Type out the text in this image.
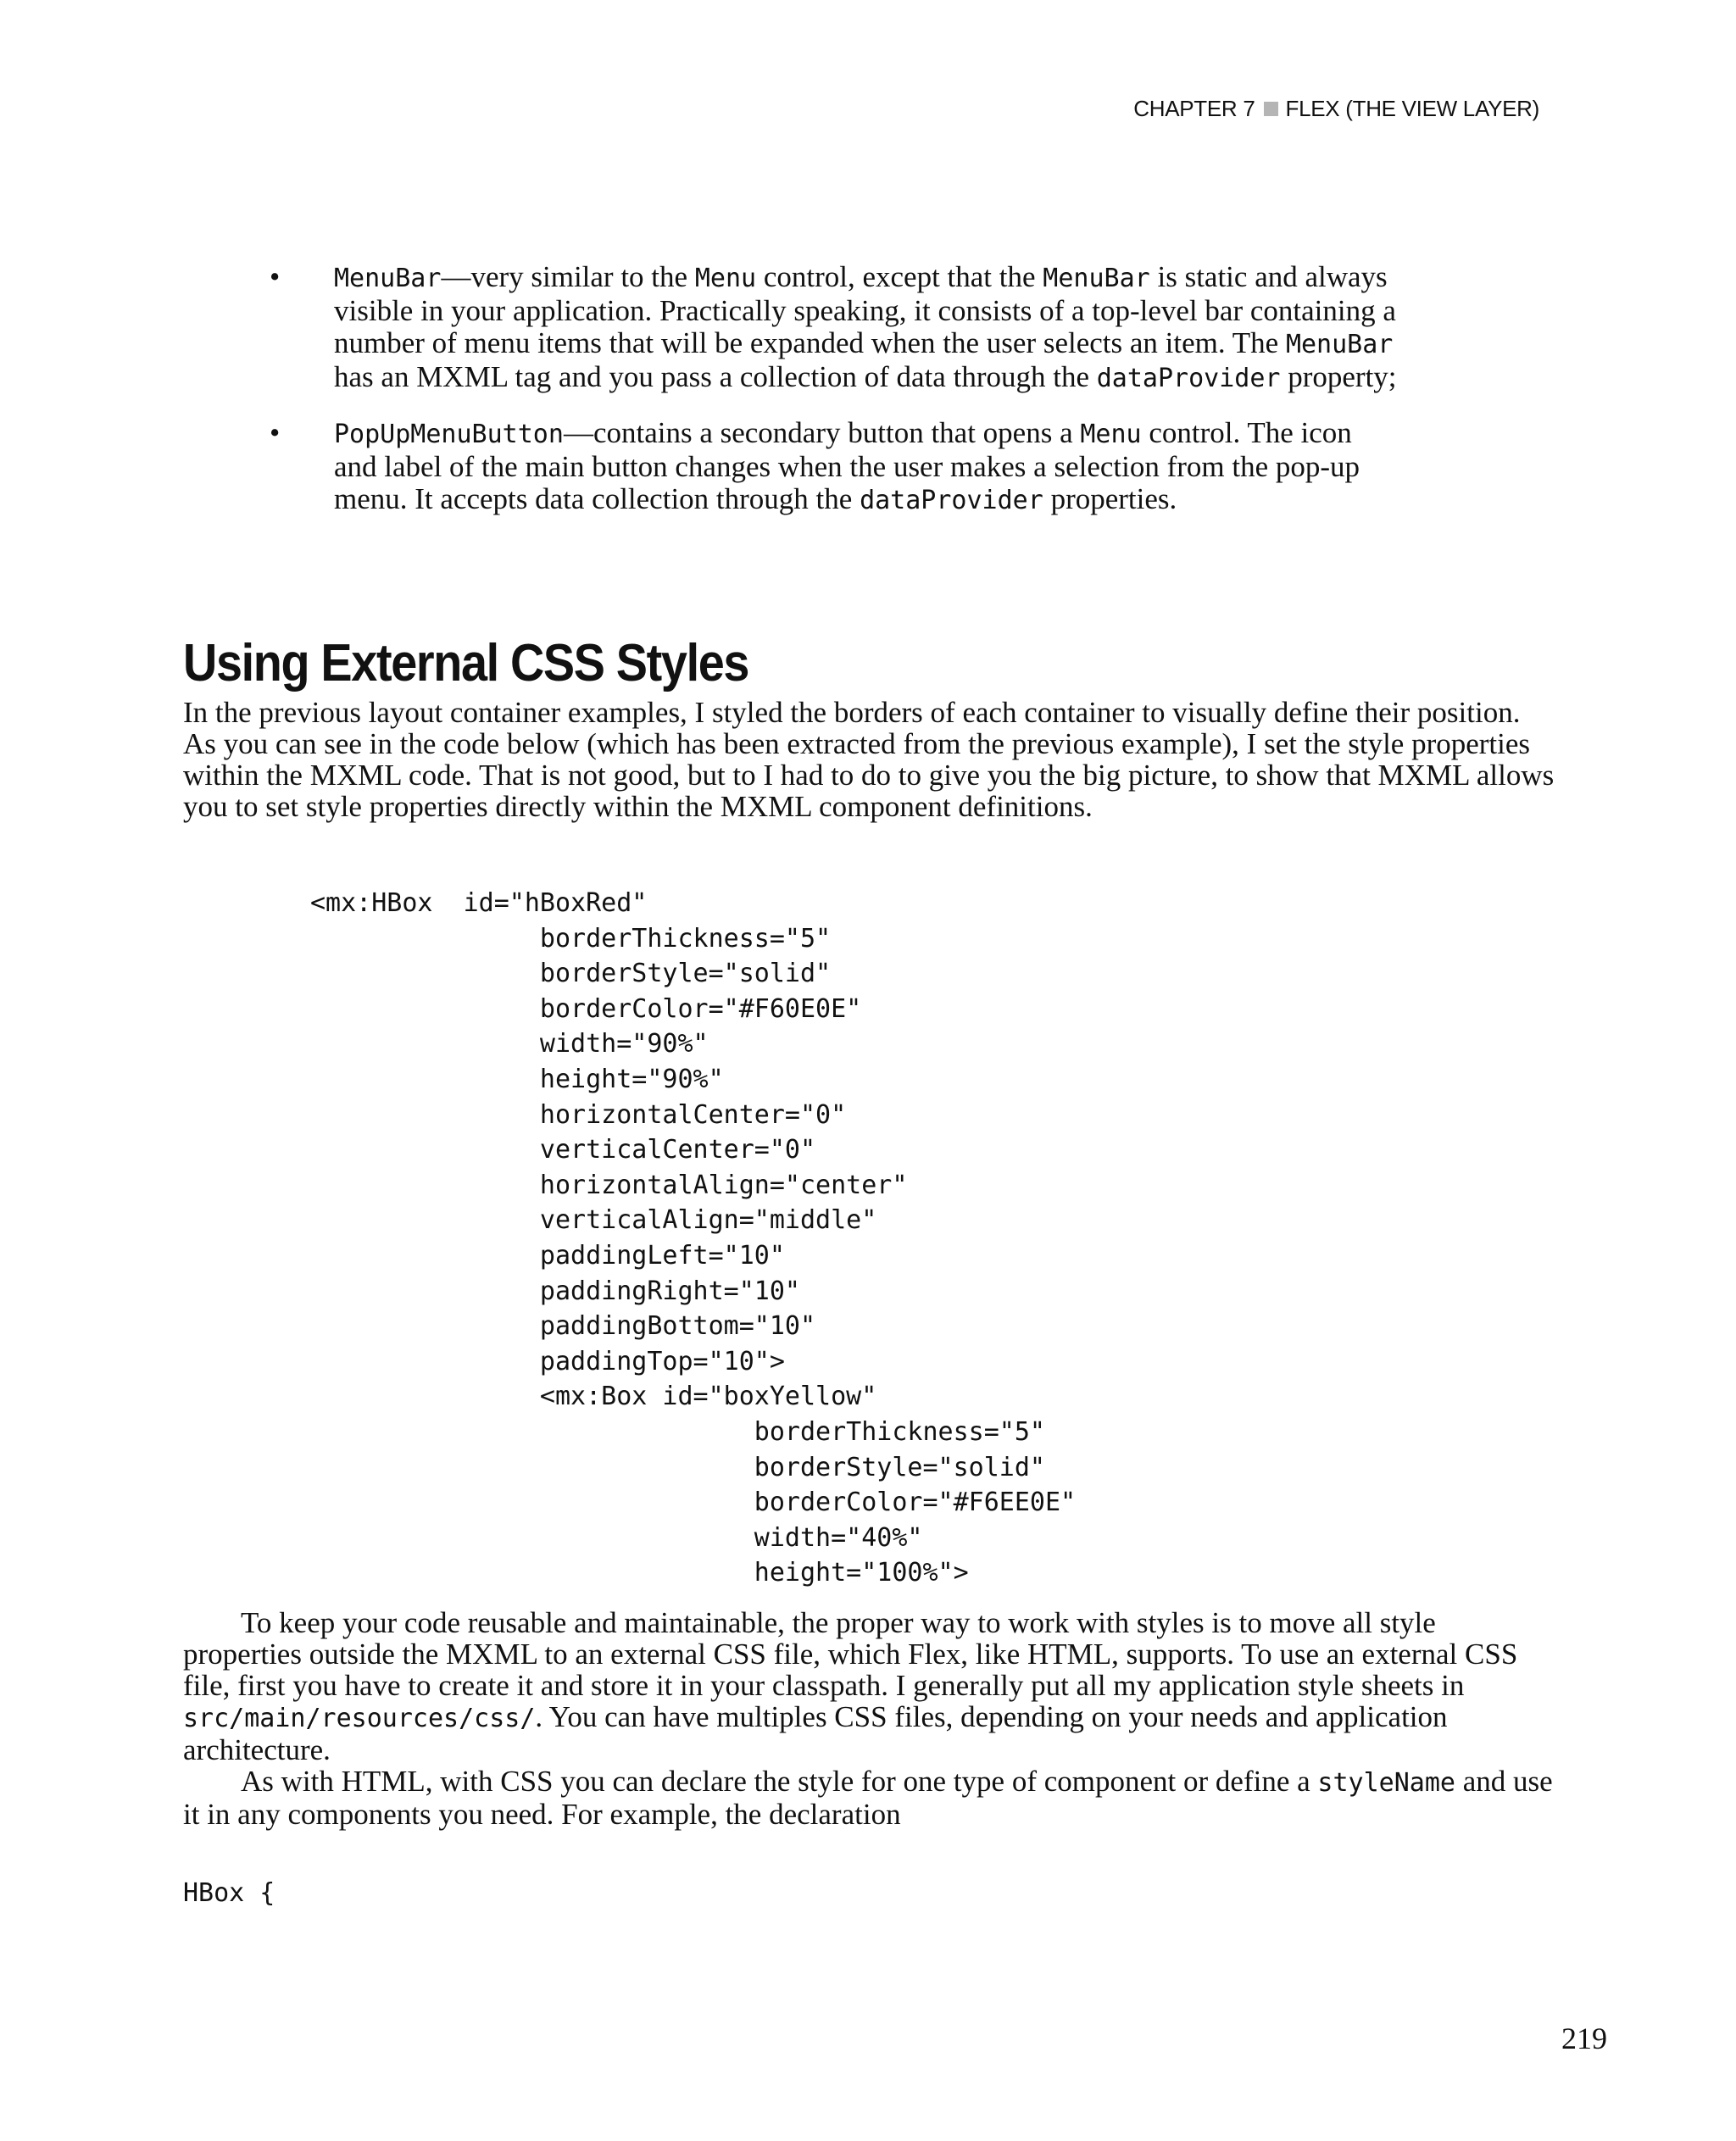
CHAPTER 7 FLEX (THE VIEW LAYER)
• MenuBar—very similar to the Menu control, except that the MenuBar is static and always visible in your application. Practically speaking, it consists of a top-level bar containing a number of menu items that will be expanded when the user selects an item. The MenuBar has an MXML tag and you pass a collection of data through the dataProvider property;
• PopUpMenuButton—contains a secondary button that opens a Menu control. The icon and label of the main button changes when the user makes a selection from the pop-up menu. It accepts data collection through the dataProvider properties.
Using External CSS Styles

In the previous layout container examples, I styled the borders of each container to visually define their position. As you can see in the code below (which has been extracted from the previous example), I set the style properties within the MXML code. That is not good, but to I had to do to give you the big picture, to show that MXML allows you to set style properties directly within the MXML component definitions.

<mx:HBox  id="hBoxRed"
borderThickness="5"
borderStyle="solid"
borderColor="#F60E0E"
width="90%"
height="90%"
horizontalCenter="0"
verticalCenter="0"
horizontalAlign="center"
verticalAlign="middle"
paddingLeft="10"
paddingRight="10"
paddingBottom="10"
paddingTop="10">
<mx:Box id="boxYellow"
borderThickness="5"
borderStyle="solid"
borderColor="#F6EE0E"
width="40%"
height="100%">

To keep your code reusable and maintainable, the proper way to work with styles is to move all style properties outside the MXML to an external CSS file, which Flex, like HTML, supports. To use an external CSS file, first you have to create it and store it in your classpath. I generally put all my application style sheets in src/main/resources/css/. You can have multiples CSS files, depending on your needs and application architecture.

As with HTML, with CSS you can declare the style for one type of component or define a styleName and use it in any components you need. For example, the declaration

HBox {
219
